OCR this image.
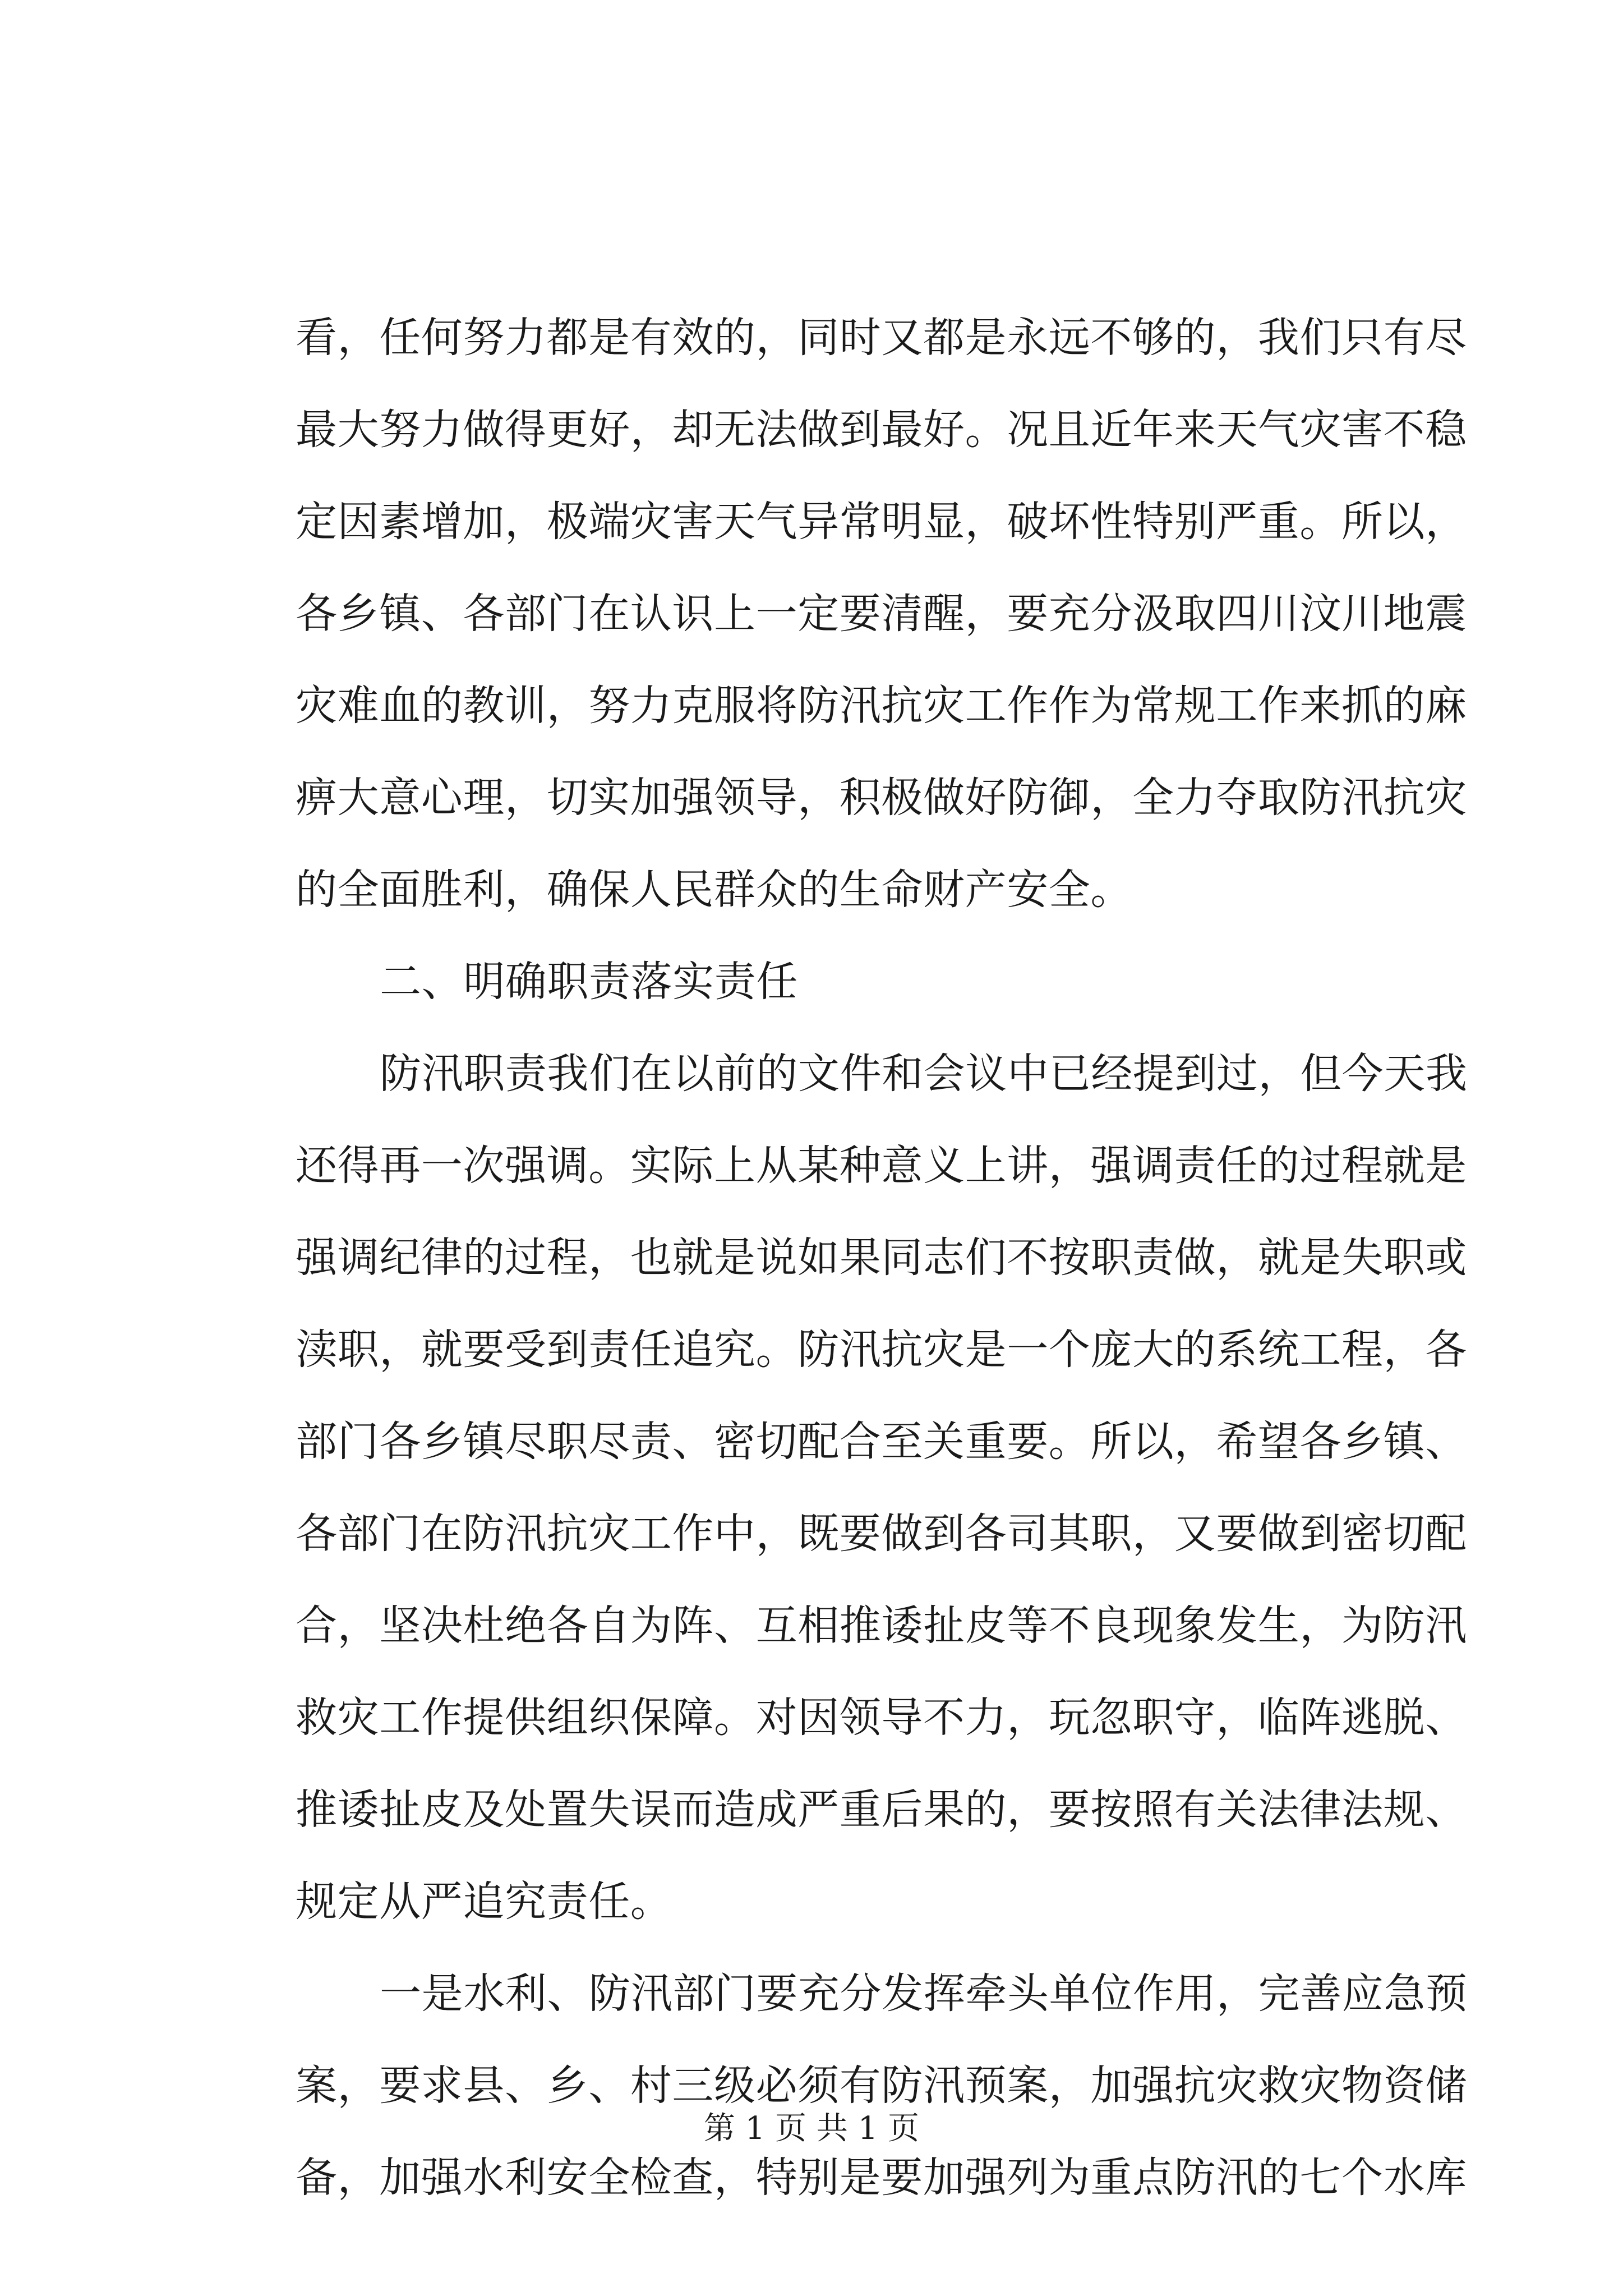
看，任何努力都是有效的，同时又都是永远不够的，我们只有尽
最大努力做得更好，却无法做到最好。况且近年来天气灾害不稳
定因素增加，极端灾害天气异常明显，破坏性特别严重。所以，
各乡镇、各部门在认识上一定要清醒，要充分汲取四川汶川地震
灾难血的教训，努力克服将防汛抗灾工作作为常规工作来抓的麻
痹大意心理，切实加强领导，积极做好防御，全力夺取防汛抗灾
的全面胜利，确保人民群众的生命财产安全。
二、明确职责落实责任
防汛职责我们在以前的文件和会议中已经提到过，但今天我
还得再一次强调。实际上从某种意义上讲，强调责任的过程就是
强调纪律的过程，也就是说如果同志们不按职责做，就是失职或
渎职，就要受到责任追究。防汛抗灾是一个庞大的系统工程，各
部门各乡镇尽职尽责、密切配合至关重要。所以，希望各乡镇、
各部门在防汛抗灾工作中，既要做到各司其职，又要做到密切配
合，坚决杜绝各自为阵、互相推诿扯皮等不良现象发生，为防汛
救灾工作提供组织保障。对因领导不力，玩忽职守，临阵逃脱、
推诿扯皮及处置失误而造成严重后果的，要按照有关法律法规、
规定从严追究责任。
一是水利、防汛部门要充分发挥牵头单位作用，完善应急预
案，要求县、乡、村三级必须有防汛预案，加强抗灾救灾物资储
备，加强水利安全检查，特别是要加强列为重点防汛的七个水库
第 1 页 共 1 页
